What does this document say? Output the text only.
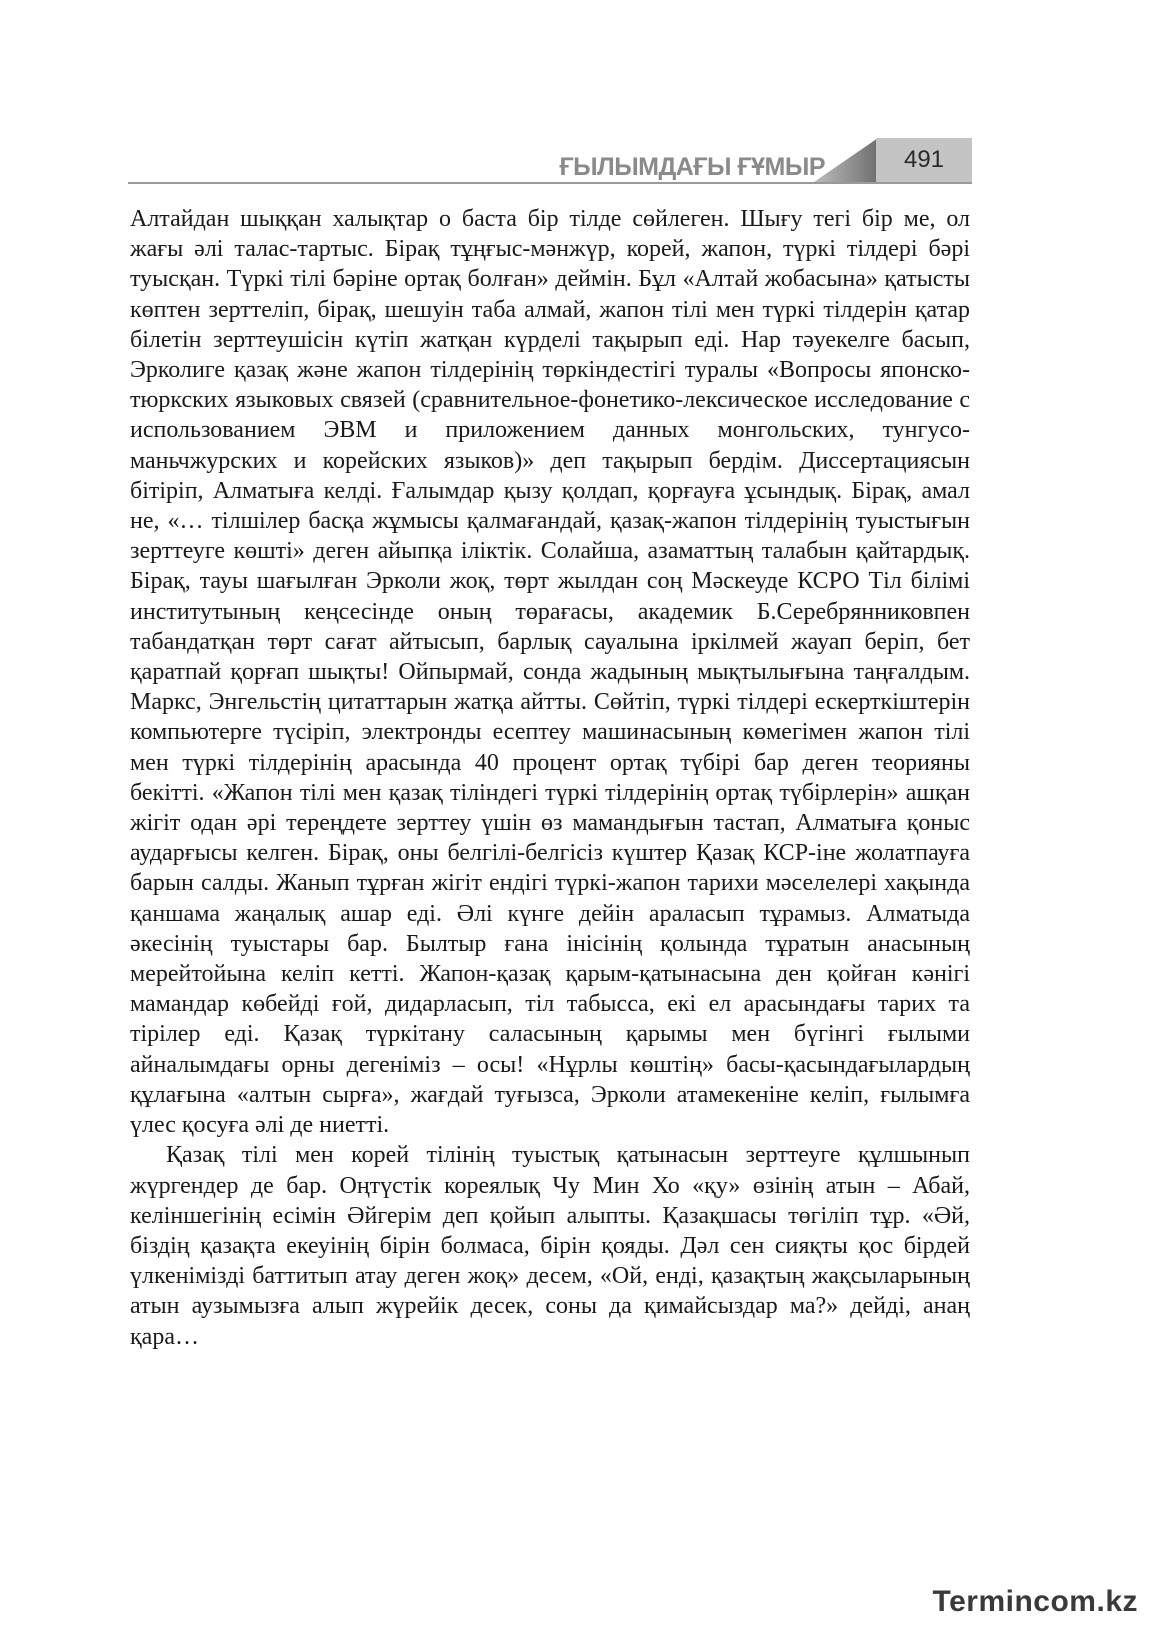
ҒЫЛЫМДАҒЫ ҒҰМЫР	491

Алтайдан шыққан халықтар о баста бір тілде сөйлеген. Шығу тегі бір ме, ол жағы әлі талас-тартыс. Бірақ тұңғыс-мәнжүр, корей, жапон, түркі тілдері бәрі туысқан. Түркі тілі бәріне ортақ болған» деймін. Бұл «Алтай жобасына» қатысты көптен зерттеліп, бірақ, шешуін таба алмай, жапон тілі мен түркі тілдерін қатар білетін зерттеушісін күтіп жатқан күрделі тақырып еді. Нар тәуекелге басып, Эрколиге қазақ және жапон тілдерінің төркіндестігі туралы «Вопросы японско-тюркских языковых связей (сравнительное-фонетико-лексическое исследование с использованием ЭВМ и приложением данных монгольских, тунгусо-маньчжурских и корейских языков)» деп тақырып бердім. Диссертациясын бітіріп, Алматыға келді. Ғалымдар қызу қолдап, қорғауға ұсындық. Бірақ, амал не, «… тілшілер басқа жұмысы қалмағандай, қазақ-жапон тілдерінің туыстығын зерттеуге көшті» деген айыпқа іліктік. Солайша, азаматтың талабын қайтардық. Бірақ, тауы шағылған Эрколи жоқ, төрт жылдан соң Мәскеуде КСРО Тіл білімі институтының кеңсесінде оның төрағасы, академик Б.Серебрянниковпен табандатқан төрт сағат айтысып, барлық сауалына іркілмей жауап беріп, бет қаратпай қорғап шықты! Ойпырмай, сонда жадының мықтылығына таңғалдым. Маркс, Энгельстің цитаттарын жатқа айтты. Сөйтіп, түркі тілдері ескерткіштерін компьютерге түсіріп, электронды есептеу машинасының көмегімен жапон тілі мен түркі тілдерінің арасында 40 процент ортақ түбірі бар деген теорияны бекітті. «Жапон тілі мен қазақ тіліндегі түркі тілдерінің ортақ түбірлерін» ашқан жігіт одан әрі тереңдете зерттеу үшін өз мамандығын тастап, Алматыға қоныс аударғысы келген. Бірақ, оны белгілі-белгісіз күштер Қазақ КСР-іне жолатпауға барын салды. Жанып тұрған жігіт ендігі түркі-жапон тарихи мәселелері хақында қаншама жаңалық ашар еді. Әлі күнге дейін араласып тұрамыз. Алматыда әкесінің туыстары бар. Былтыр ғана інісінің қолында тұратын анасының мерейтойына келіп кетті. Жапон-қазақ қарым-қатынасына ден қойған кәнігі мамандар көбейді ғой, дидарласып, тіл табысса, екі ел арасындағы тарих та тірілер еді. Қазақ түркітану саласының қарымы мен бүгінгі ғылыми айналымдағы орны дегеніміз – осы! «Нұрлы көштің» басы-қасындағылардың құлағына «алтын сырға», жағдай туғызса, Эрколи атамекеніне келіп, ғылымға үлес қосуға әлі де ниетті.

Қазақ тілі мен корей тілінің туыстық қатынасын зерттеуге құлшынып жүргендер де бар. Оңтүстік кореялық Чу Мин Хо «қу» өзінің атын – Абай, келіншегінің есімін Әйгерім деп қойып алыпты. Қазақшасы төгіліп тұр. «Әй, біздің қазақта екеуінің бірін болмаса, бірін қояды. Дәл сен сияқты қос бірдей үлкенімізді баттитып атау деген жоқ» десем, «Ой, енді, қазақтың жақсыларының атын аузымызға алып жүрейік десек, соны да қимайсыздар ма?» дейді, анаң қара…

Termincom.kz
